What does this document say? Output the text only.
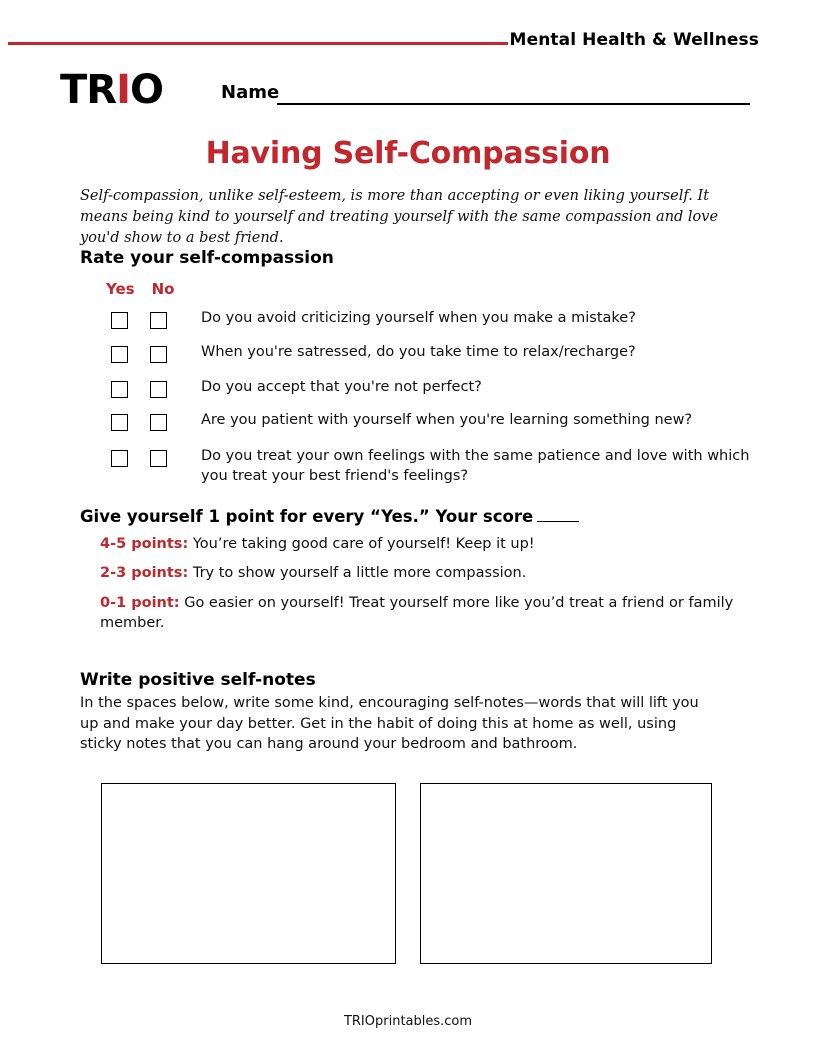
Mental Health & Wellness
TRIO	Name
Having Self-Compassion
Self-compassion, unlike self-esteem, is more than accepting or even liking yourself. It means being kind to yourself and treating yourself with the same compassion and love you'd show to a best friend.
Rate your self-compassion
Yes No
Do you avoid criticizing yourself when you make a mistake?
When you're satressed, do you take time to relax/recharge?
Do you accept that you're not perfect?
Are you patient with yourself when you're learning something new?
Do you treat your own feelings with the same patience and love with which you treat your best friend's feelings?
Give yourself 1 point for every “Yes.” Your score
4-5 points: You’re taking good care of yourself! Keep it up!
2-3 points: Try to show yourself a little more compassion.
0-1 point: Go easier on yourself! Treat yourself more like you’d treat a friend or family member.
Write positive self-notes
In the spaces below, write some kind, encouraging self-notes—words that will lift you up and make your day better. Get in the habit of doing this at home as well, using sticky notes that you can hang around your bedroom and bathroom.
TRIOprintables.com
